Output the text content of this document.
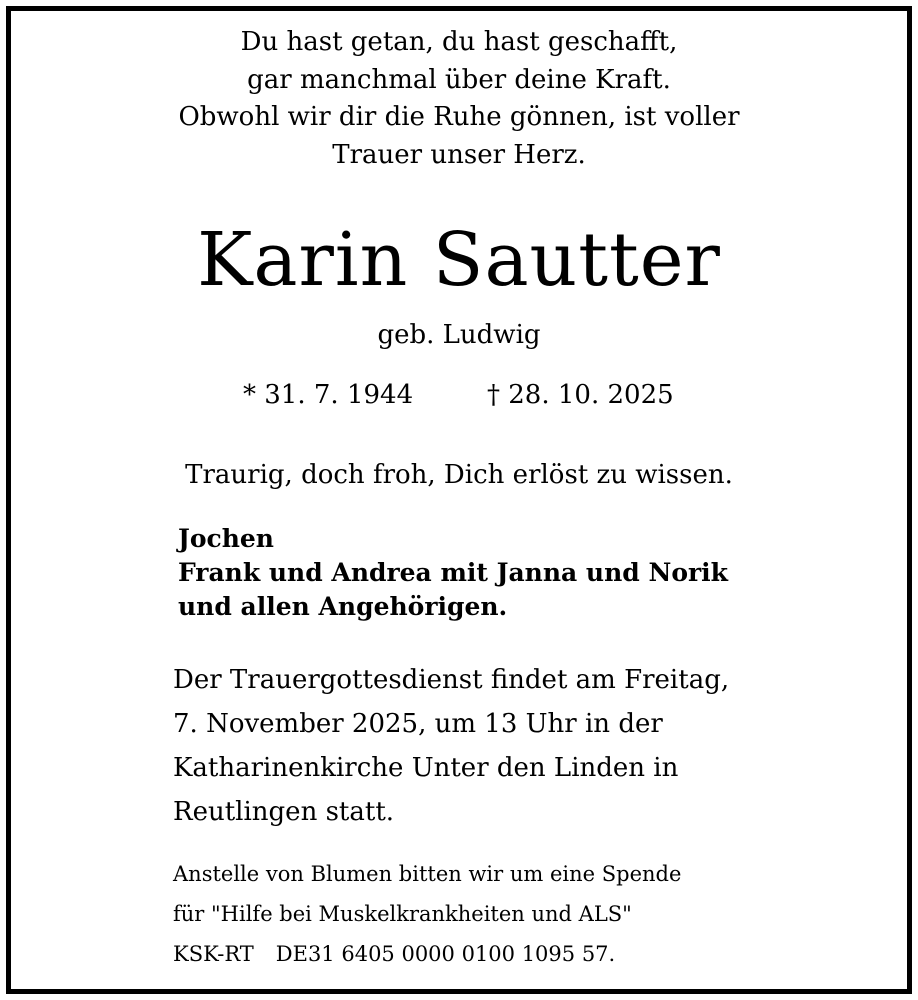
Du hast getan, du hast geschafft,
gar manchmal über deine Kraft.
Obwohl wir dir die Ruhe gönnen, ist voller
Trauer unser Herz.
Karin Sautter
geb. Ludwig
* 31. 7. 1944	† 28. 10. 2025
Traurig, doch froh, Dich erlöst zu wissen.
Jochen
Frank und Andrea mit Janna und Norik
und allen Angehörigen.
Der Trauergottesdienst findet am Freitag,
7. November 2025, um 13 Uhr in der
Katharinenkirche Unter den Linden in
Reutlingen statt.
Anstelle von Blumen bitten wir um eine Spende
für "Hilfe bei Muskelkrankheiten und ALS"
KSK-RT DE31 6405 0000 0100 1095 57.
